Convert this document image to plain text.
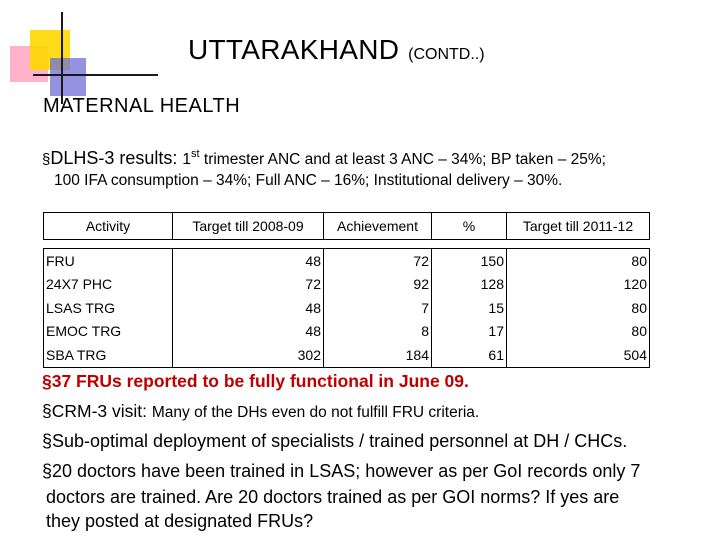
UTTARAKHAND (CONTD..)
MATERNAL HEALTH
§DLHS-3 results: 1st trimester ANC and at least 3 ANC – 34%; BP taken – 25%;
100 IFA consumption – 34%; Full ANC – 16%; Institutional delivery – 30%.
Activity	Target till 2008-09	Achievement	%	Target till 2011-12

FRU	48	72	150	80
24X7 PHC	72	92	128	120
LSAS TRG	48	7	15	80
EMOC TRG	48	8	17	80
SBA TRG	302	184	61	504
§37 FRUs reported to be fully functional in June 09.
§CRM-3 visit: Many of the DHs even do not fulfill FRU criteria.
§Sub-optimal deployment of specialists / trained personnel at DH / CHCs.
§20 doctors have been trained in LSAS; however as per GoI records only 7
doctors are trained. Are 20 doctors trained as per GOI norms? If yes are
they posted at designated FRUs?
